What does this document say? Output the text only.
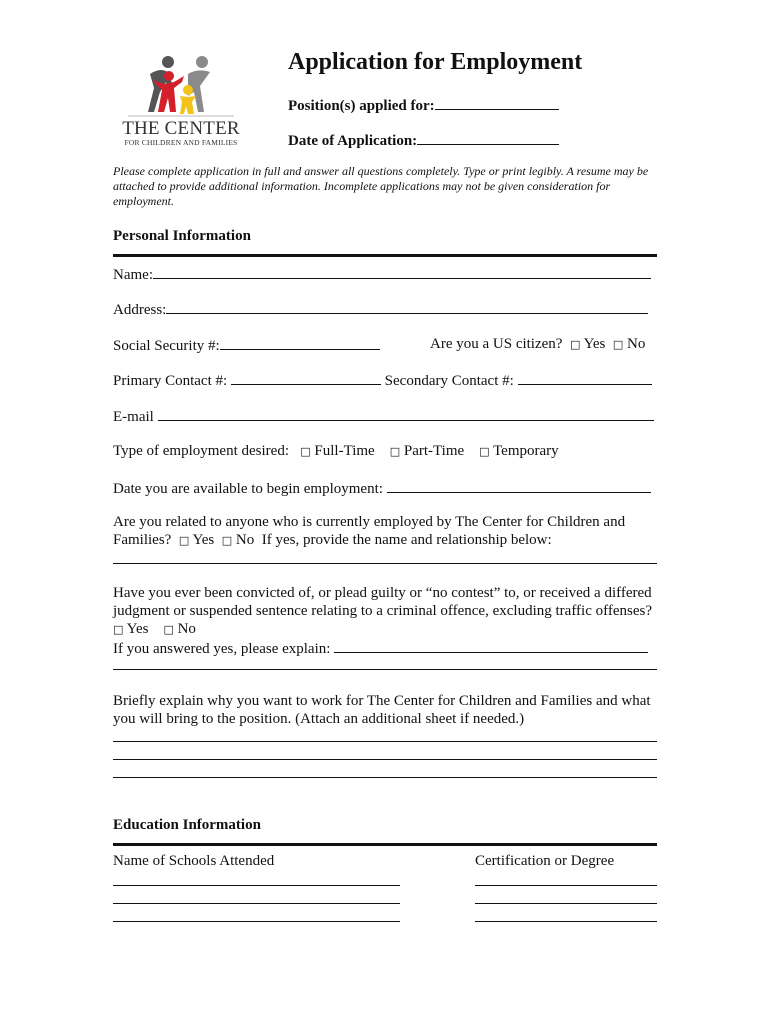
THE CENTER
FOR CHILDREN AND FAMILIES
Application for Employment
Position(s) applied for:
Date of Application:
Please complete application in full and answer all questions completely. Type or print legibly. A resume may be attached to provide additional information. Incomplete applications may not be given consideration for employment.
Personal Information
Name:
Address:
Social Security #:	Are you a US citizen? □ Yes □ No
Primary Contact #:	Secondary Contact #:
E-mail
Type of employment desired: □ Full-Time □ Part-Time □ Temporary
Date you are available to begin employment:
Are you related to anyone who is currently employed by The Center for Children and
Families? □ Yes □ No If yes, provide the name and relationship below:
Have you ever been convicted of, or plead guilty or “no contest” to, or received a differed
judgment or suspended sentence relating to a criminal offence, excluding traffic offenses?
□ Yes □ No
If you answered yes, please explain:
Briefly explain why you want to work for The Center for Children and Families and what
you will bring to the position. (Attach an additional sheet if needed.)
Education Information
Name of Schools Attended	Certification or Degree
